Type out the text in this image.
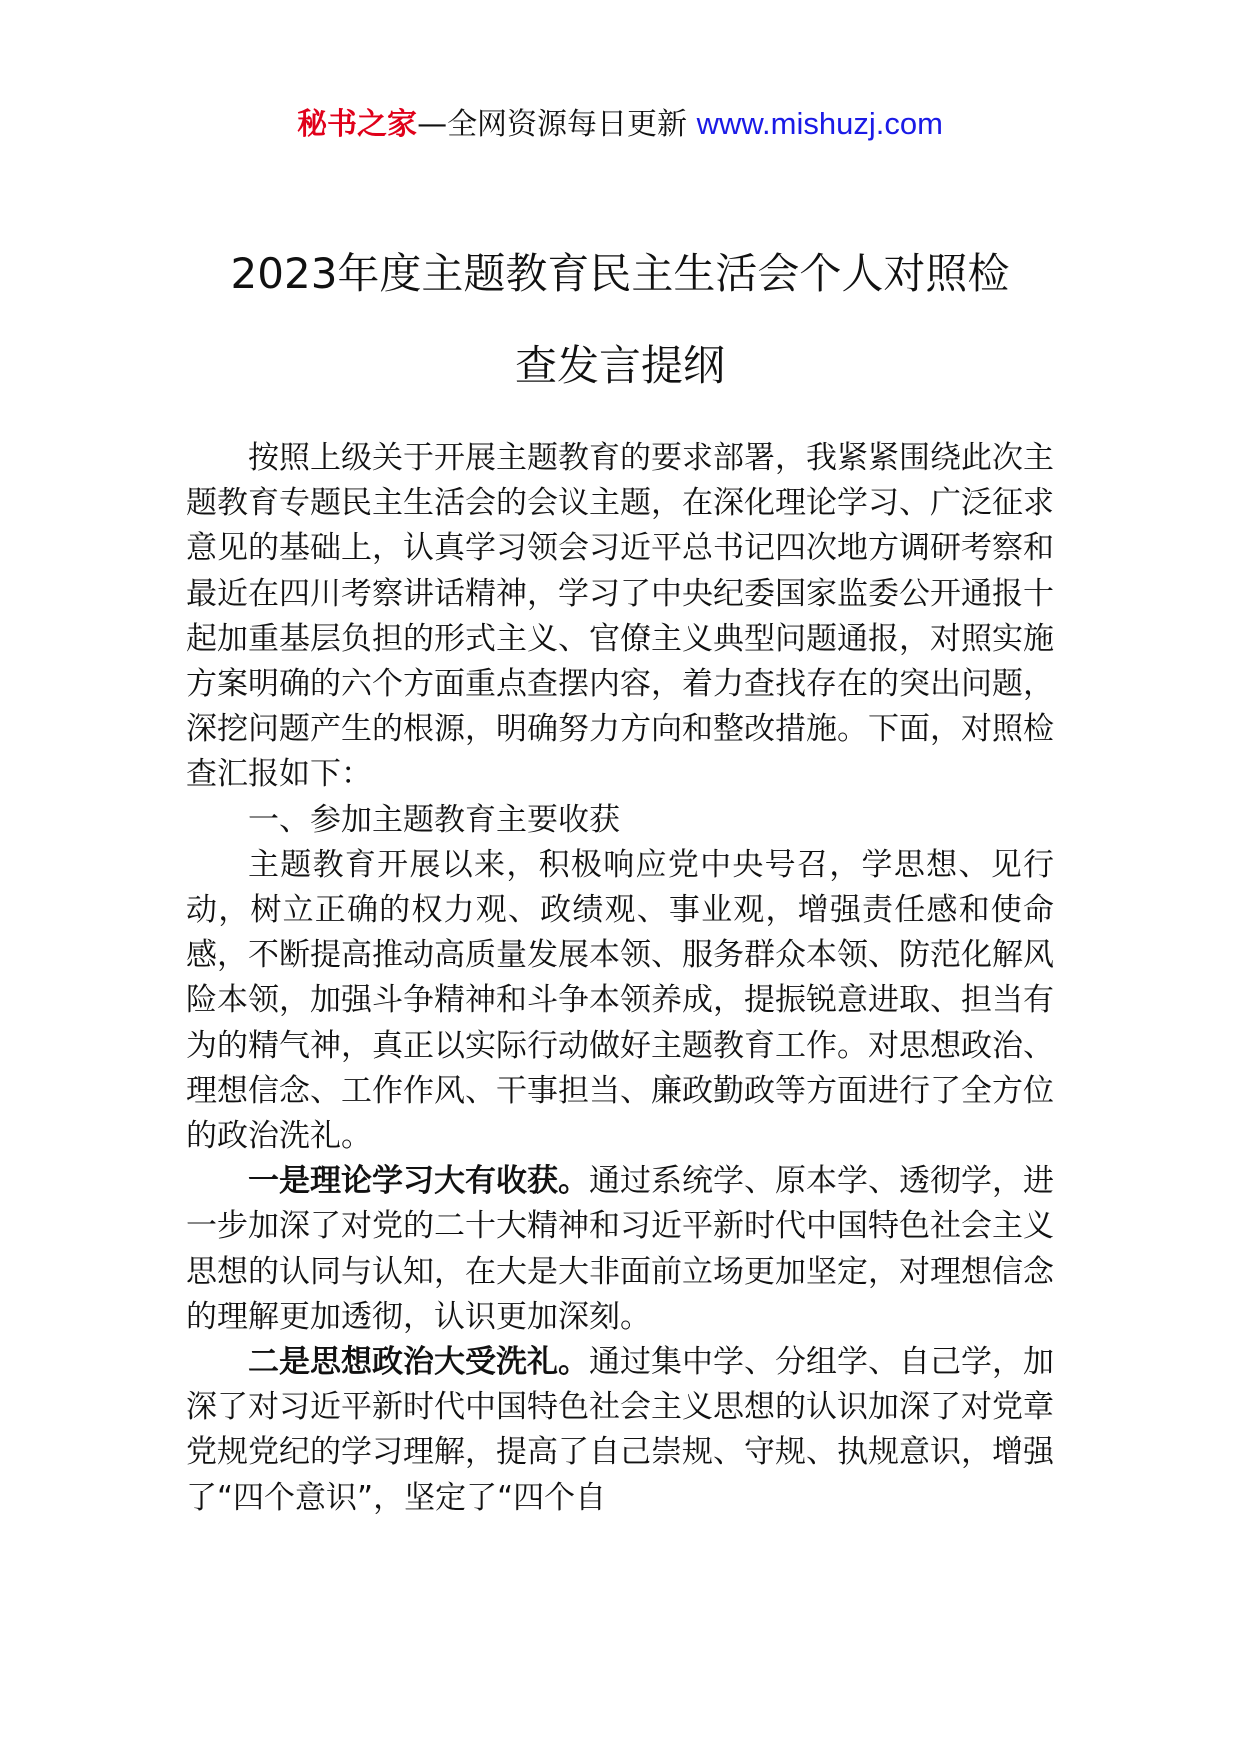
秘书之家—全网资源每日更新 www.mishuzj.com
2023年度主题教育民主生活会个人对照检
查发言提纲

按照上级关于开展主题教育的要求部署，我紧紧围绕此次主题教育专题民主生活会的会议主题，在深化理论学习、广泛征求意见的基础上，认真学习领会习近平总书记四次地方调研考察和最近在四川考察讲话精神，学习了中央纪委国家监委公开通报十起加重基层负担的形式主义、官僚主义典型问题通报，对照实施方案明确的六个方面重点查摆内容，着力查找存在的突出问题，深挖问题产生的根源，明确努力方向和整改措施。下面，对照检查汇报如下：

一、参加主题教育主要收获

主题教育开展以来，积极响应党中央号召，学思想、见行动，树立正确的权力观、政绩观、事业观，增强责任感和使命感，不断提高推动高质量发展本领、服务群众本领、防范化解风险本领，加强斗争精神和斗争本领养成，提振锐意进取、担当有为的精气神，真正以实际行动做好主题教育工作。对思想政治、理想信念、工作作风、干事担当、廉政勤政等方面进行了全方位的政治洗礼。

一是理论学习大有收获。通过系统学、原本学、透彻学，进一步加深了对党的二十大精神和习近平新时代中国特色社会主义思想的认同与认知，在大是大非面前立场更加坚定，对理想信念的理解更加透彻，认识更加深刻。

二是思想政治大受洗礼。通过集中学、分组学、自己学，加深了对习近平新时代中国特色社会主义思想的认识加深了对党章党规党纪的学习理解，提高了自己崇规、守规、执规意识，增强了“四个意识”，坚定了“四个自
